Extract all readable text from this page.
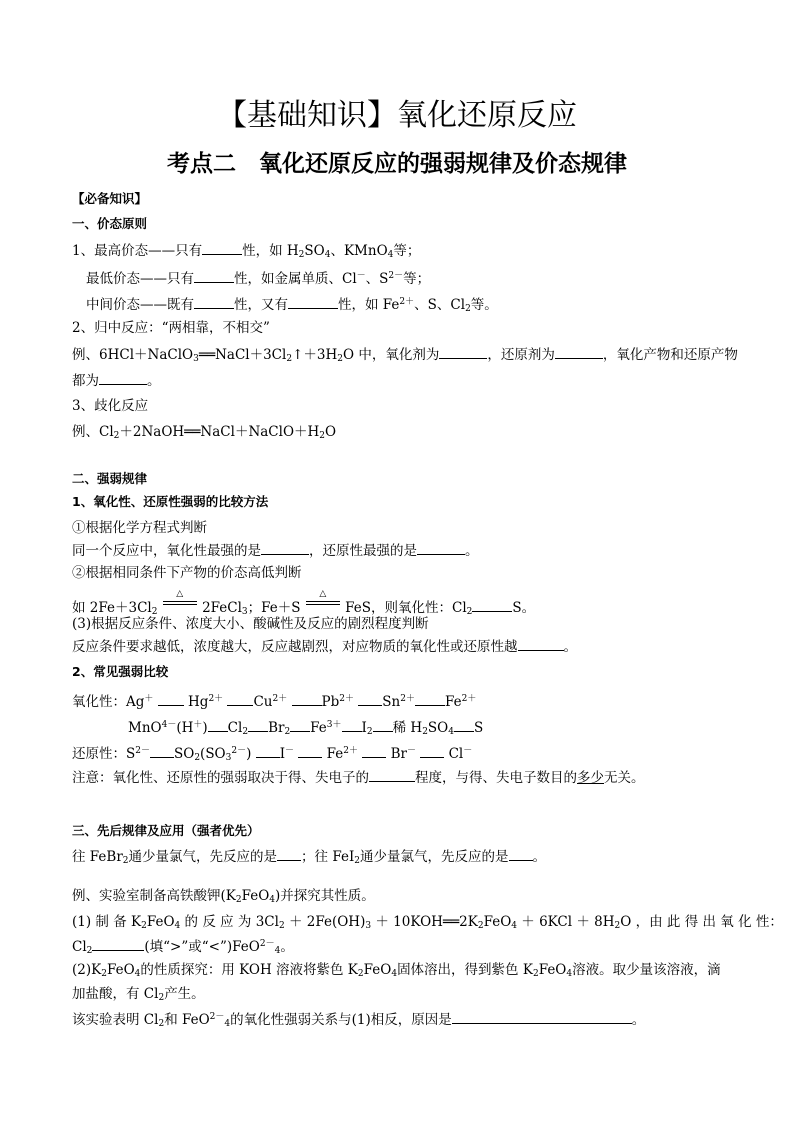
【基础知识】氧化还原反应
考点二　氧化还原反应的强弱规律及价态规律
【必备知识】
一、价态原则
1、最高价态——只有	性，如 $H_2SO_4$、KMnO$_4$等；
最低价态——只有	性，如金属单质、Cl－、$S^{2-}$等；
中间价态——既有	性，又有	性，如 $Fe^{2+}$、S、$Cl_2$等。
2、归中反应：“两相靠，不相交”
例、$6HCl+NaClO_3══NaCl+3Cl_2↑+3H_2O$ 中，氧化剂为	，还原剂为	，氧化产物和还原产物
都为	。
3、歧化反应
例、$Cl_2+2NaOH══NaCl+NaClO+H_2O$
二、强弱规律
1、氧化性、还原性强弱的比较方法
①根据化学方程式判断
同一个反应中，氧化性最强的是	，还原性最强的是	。
②根据相同条件下产物的价态高低判断
如 $2Fe+3Cl_2$ △
2FeCl$_3$；Fe＋S △
FeS，则氧化性：$Cl_2$	S。
(3)根据反应条件、浓度大小、酸碱性及反应的剧烈程度判断
反应条件要求越低，浓度越大，反应越剧烈，对应物质的氧化性或还原性越	。
2、常见强弱比较
氧化性：Ag＋	$Hg^{2+}$ $Cu^{2+}$	$Pb^{2+}$ $Sn^{2+}$ $Fe^{2+}$
MnO$^{4-}$(H＋) $Cl_2$ $Br_2$ $Fe^{3+}$ $I_2$ 稀 $H_2SO_4$ S
还原性：$S^{2-}$ $SO_2(SO_3^{2-})$ I－ $Fe^{2+}$ Br－ Cl－
注意：氧化性、还原性的强弱取决于得、失电子的	程度，与得、失电子数目的多少无关。
三、先后规律及应用（强者优先）
往 FeBr$_2$通少量氯气，先反应的是 ；往 FeI$_2$通少量氯气，先反应的是 。
例、实验室制备高铁酸钾$(K_2FeO_4)$并探究其性质。
(1) 制 备 $K_2FeO_4$ 的 反 应 为 $3Cl_2 + 2Fe(OH)_3$ ＋ $10KOH══2K_2FeO_4 + 6KCl + 8H_2O$ ，由 此 得 出 氧 化 性：
$Cl_2$	(填“>”或“<”)FeO$^{2-}_4$。
$(2)K_2FeO_4$的性质探究：用 KOH 溶液将紫色 $K_2FeO_4$固体溶出，得到紫色 $K_2FeO_4$溶液。取少量该溶液，滴
加盐酸，有 $Cl_2$产生。
该实验表明 $Cl_2$和 FeO$^{2-}_4$的氧化性强弱关系与(1)相反，原因是	。
